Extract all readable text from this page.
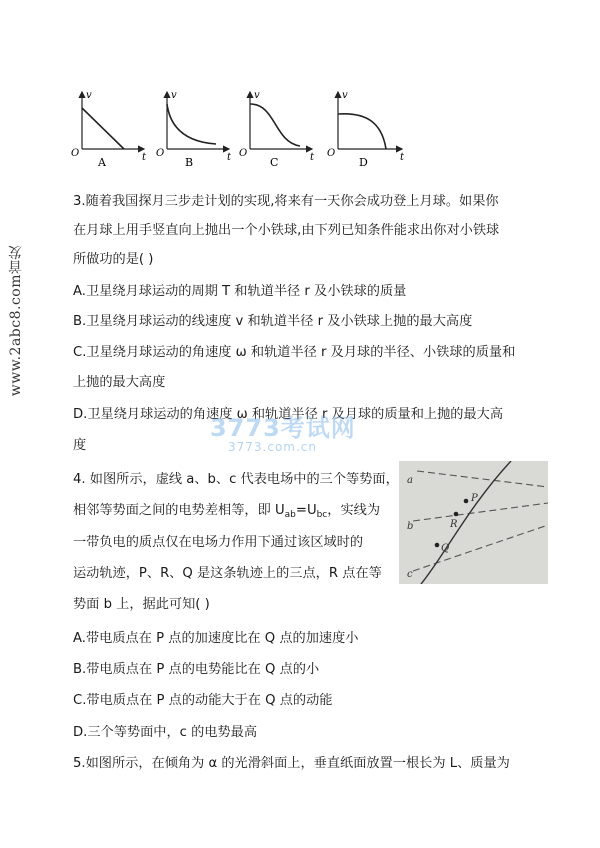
v
O	t
A
v
O	t
B
v
O	t
C
v
O	t
D
www.2abc8.com首发
3.随着我国探月三步走计划的实现,将来有一天你会成功登上月球。如果你
在月球上用手竖直向上抛出一个小铁球,由下列已知条件能求出你对小铁球
所做功的是( )
A.卫星绕月球运动的周期 T 和轨道半径 r 及小铁球的质量
B.卫星绕月球运动的线速度 v 和轨道半径 r 及小铁球上抛的最大高度
C.卫星绕月球运动的角速度 ω 和轨道半径 r 及月球的半径、小铁球的质量和
上抛的最大高度
D.卫星绕月球运动的角速度 ω 和轨道半径 r 及月球的质量和上抛的最大高
度
3773考试网
3773.com.cn
4. 如图所示，虚线 a、b、c 代表电场中的三个等势面，
相邻等势面之间的电势差相等，即 $U_{ab}=U_{bc}$，实线为
一带负电的质点仅在电场力作用下通过该区域时的
运动轨迹，P、R、Q 是这条轨迹上的三点，R 点在等
势面 b 上，据此可知( )
A.带电质点在 P 点的加速度比在 Q 点的加速度小
B.带电质点在 P 点的电势能比在 Q 点的小
C.带电质点在 P 点的动能大于在 Q 点的动能
D.三个等势面中，c 的电势最高
a
b
c
P
R
Q
5.如图所示，在倾角为 α 的光滑斜面上，垂直纸面放置一根长为 L、质量为
